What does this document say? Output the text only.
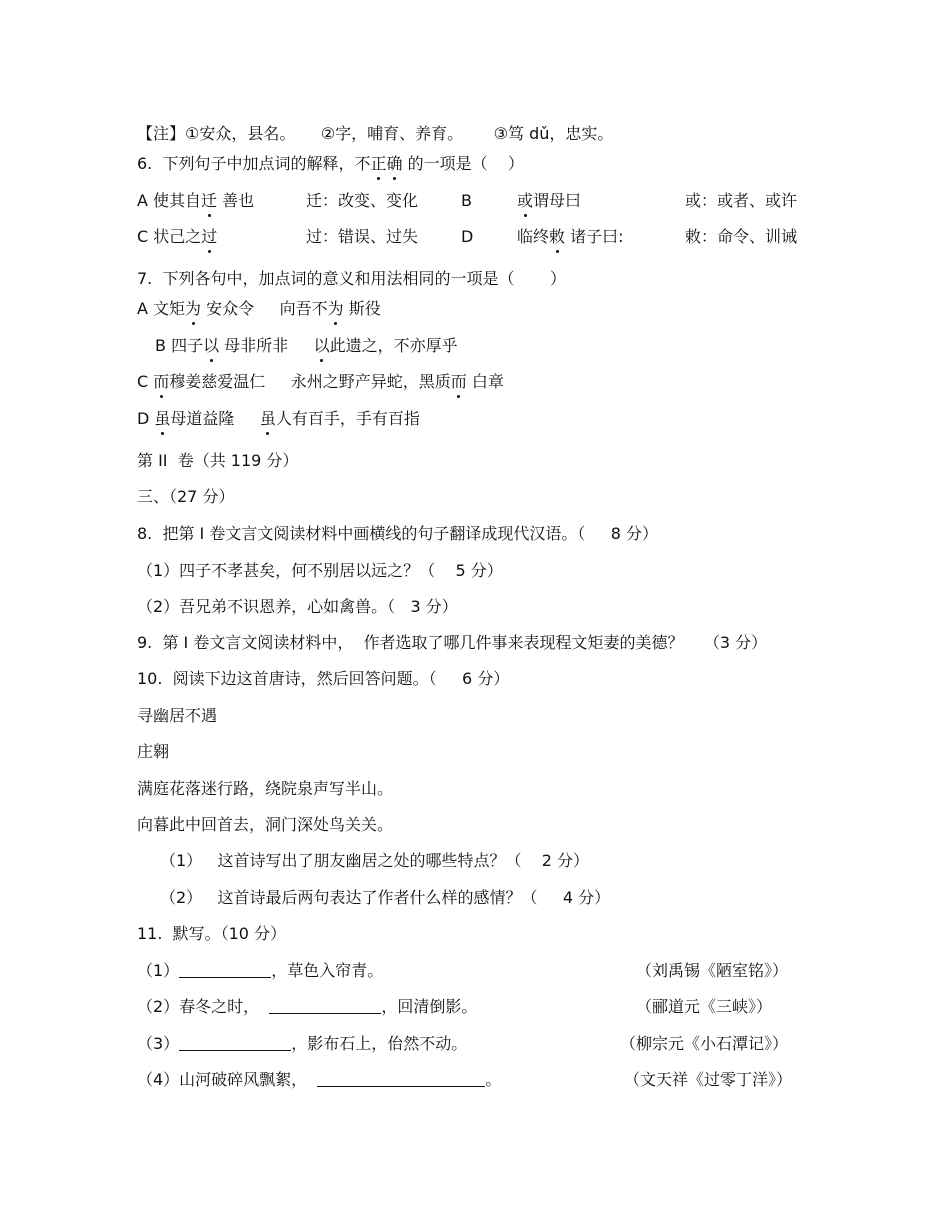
【注】①安众，县名。     ②字，哺育、养育。      ③笃 dǔ，忠实。
6.  下列句子中加点词的解释，不正确 的一项是（    ）
A 使其自迁 善也	迁：改变、变化	B	或谓母曰	或：或者、或许
C 状己之过	过：错误、过失	D	临终敕 诸子曰:	敕：命令、训诫
7.  下列各句中，加点词的意义和用法相同的一项是（       ）
A 文矩为 安众令     向吾不为 斯役
B 四子以 母非所非     以此遗之，不亦厚乎
C 而穆姜慈爱温仁     永州之野产异蛇，黑质而 白章
D 虽母道益隆     虽人有百手，手有百指
第 II  卷（共 119 分）
三、（27 分）
8.  把第 I 卷文言文阅读材料中画横线的句子翻译成现代汉语。（     8 分）
（1）四子不孝甚矣，何不别居以远之？（    5 分）
（2）吾兄弟不识恩养，心如禽兽。（   3 分）
9.  第 I 卷文言文阅读材料中，  作者选取了哪几件事来表现程文矩妻的美德？    （3 分）
10.  阅读下边这首唐诗，然后回答问题。（     6 分）
寻幽居不遇
庄翱
满庭花落迷行路，绕院泉声写半山。
向暮此中回首去，洞门深处鸟关关。
（1）   这首诗写出了朋友幽居之处的哪些特点？（    2 分）
（2）   这首诗最后两句表达了作者什么样的感情？（     4 分）
11.  默写。（10 分）
（1）	，草色入帘青。	（刘禹锡《陋室铭》）
（2）春冬之时，	，回清倒影。	（郦道元《三峡》）
（3）	，影布石上，佁然不动。	（柳宗元《小石潭记》）
（4）山河破碎风飘絮，	。	（文天祥《过零丁洋》）
